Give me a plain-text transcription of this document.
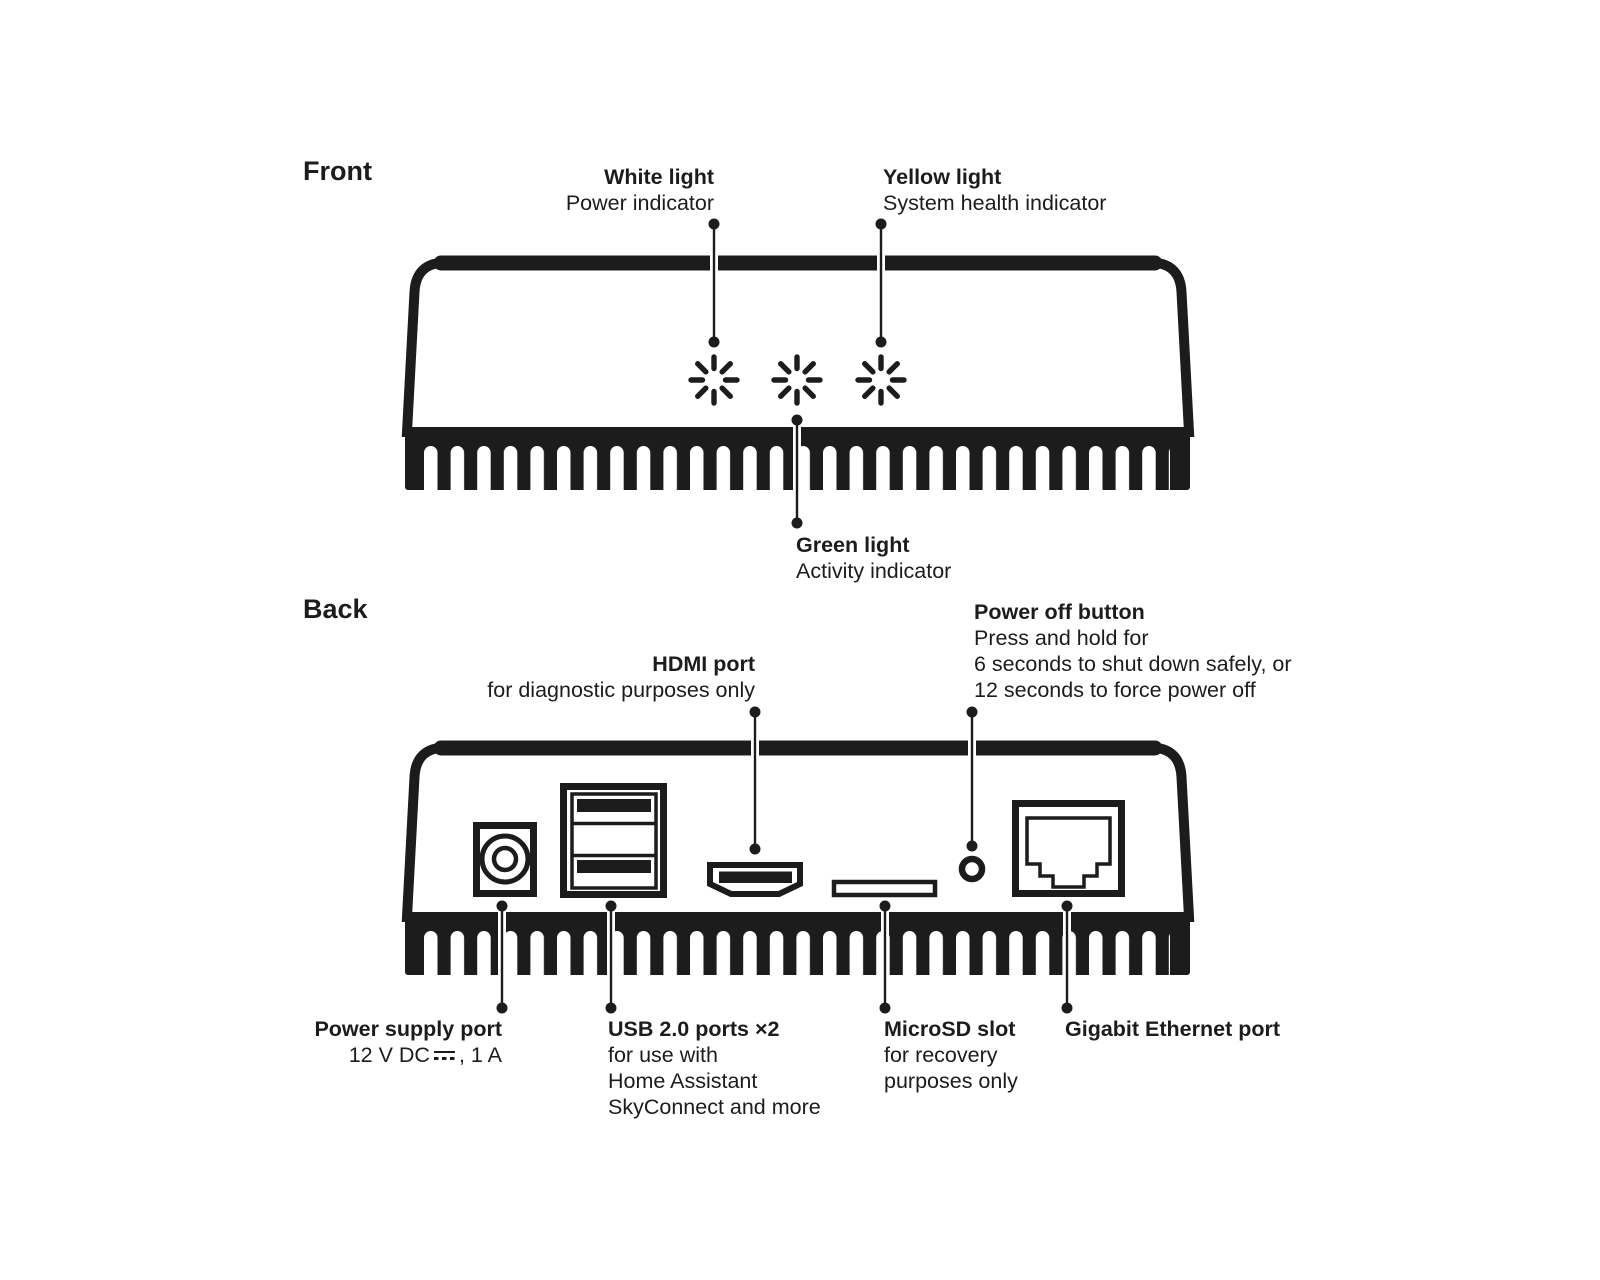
Front	White light
Power indicator
Yellow light
System health indicator
Green light
Activity indicator
Back
HDMI port
for diagnostic purposes only
Power off button
Press and hold for
6 seconds to shut down safely, or
12 seconds to force power off
Power supply port
12 V DC , 1 A
USB 2.0 ports ×2
for use with
Home Assistant
SkyConnect and more
MicroSD slot
for recovery
purposes only
Gigabit Ethernet port
